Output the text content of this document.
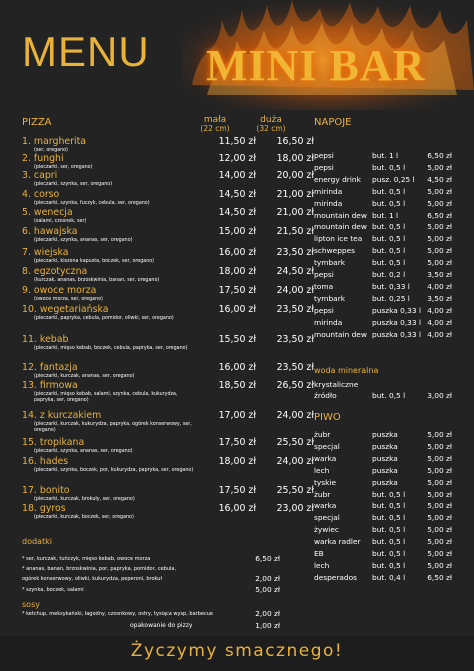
MENU MINI BAR
PIZZA	mała
(22 cm)
duża
(32 cm)
1. margherita
(ser, oregano)
11,50 zł	16,50 zł
2. funghi
(pieczarki, ser, oregano)
12,00 zł	18,00 zł
3. capri
(pieczarki, szynka, ser, oregano)
14,00 zł	20,00 zł
4. corso
(pieczarki, szynka, fuczyk, cebula, ser, oregano)
14,50 zł	21,00 zł
5. wenecja
(salami, czosnek, ser)
14,50 zł	21,00 zł
6. hawajska
(pieczarki, szynka, ananas, ser, oregano)
15,00 zł	21,50 zł
7. wiejska
(pieczarki, kiszona kapusta, boczek, ser, oregano)
16,00 zł	23,50 zł
8. egzotyczna
(kurczak, ananas, brzoskwinia, banan, ser, oregano)
18,00 zł	24,50 zł
9. owoce morza
(owoce morza, ser, oregano)
17,50 zł	24,00 zł
10. wegetariańska
(pieczarki, papryka, cebula, pomidor, oliwki, ser, oregano)
16,00 zł	23,50 zł
11. kebab
(pieczarki, mięso kebab, boczek, cebula, papryka, ser, oregano)
15,50 zł	23,50 zł
12. fantazja
(pieczarki, kurczak, ananas, ser, oregano)
16,00 zł	23,50 zł
13. firmowa
(pieczarki, mięso kebab, salami, szynka, cebula, kukurydza, papryka, ser, oregano)
18,50 zł	26,50 zł
14. z kurczakiem
(pieczarki, kurczak, kukurydza, papryka, ogórek konserwowy, ser, oregano)
17,00 zł	24,00 zł
15. tropikana
(pieczarki, szynka, ananas, ser, oregano)
17,50 zł	25,50 zł
16. hades
(pieczarki, szynka, boczek, por, kukurydza, papryka, ser, oregano)
18,00 zł	24,00 zł
17. bonito
(pieczarki, kurczak, brokuły, ser, oregano)
17,50 zł	25,50 zł
18. gyros
(pieczarki, kurczak, boczek, ser, oregano)
16,00 zł	23,00 zł
dodatki
* ser, kurczak, tuńczyk, mięso kebab, owoce morza	6,50 zł
* ananas, banan, brzoskwinia, por, papryka, pomidor, cebula,
ogórek konserwowy, oliwki, kukurydza, peperoni, brokuł	2,00 zł
* szynka, boczek, salami	5,00 zł
sosy
* ketchup, meksykański, łagodny, czosnkowy, ostry, tysiąca wysp, barbecue	2,00 zł
opakowanie do pizzy	1,00 zł
NAPOJE
pepsi	but. 1 l	6,50 zł
pepsi	but. 0,5 l	5,00 zł
energy drink pusz. 0,25 l	4,50 zł
mirinda	but. 0,5 l	5,00 zł
mirinda	but. 0,5 l	5,00 zł
mountain dew but. 1 l	6,50 zł
mountain dew but. 0,5 l	5,00 zł
lipton ice tea but. 0,5 l	5,00 zł
schweppes but. 0,5 l	5,00 zł
tymbark	but. 0,5 l	5,00 zł
pepsi	but. 0,2 l	3,50 zł
toma	but. 0,33 l	4,00 zł
tymbark	but. 0,25 l	3,50 zł
pepsi	puszka 0,33 l 4,00 zł
mirinda	puszka 0,33 l 4,00 zł
mountain dew puszka 0,33 l 4,00 zł
woda mineralna
krystaliczne
źródło	but. 0,5 l	3,00 zł
PIWO
żubr	puszka	5,00 zł
specjal	puszka	5,00 zł
warka	puszka	5,00 zł
lech	puszka	5,00 zł
tyskie	puszka	5,00 zł
żubr	but. 0,5 l	5,00 zł
warka	but. 0,5 l	5,00 zł
specjal	but. 0,5 l	5,00 zł
żywiec	but. 0,5 l	5,00 zł
warka radler but. 0,5 l	5,00 zł
EB	but. 0,5 l	5,00 zł
lech	but. 0,5 l	5,00 zł
desperados but. 0,4 l	6,50 zł
Życzymy smacznego!
